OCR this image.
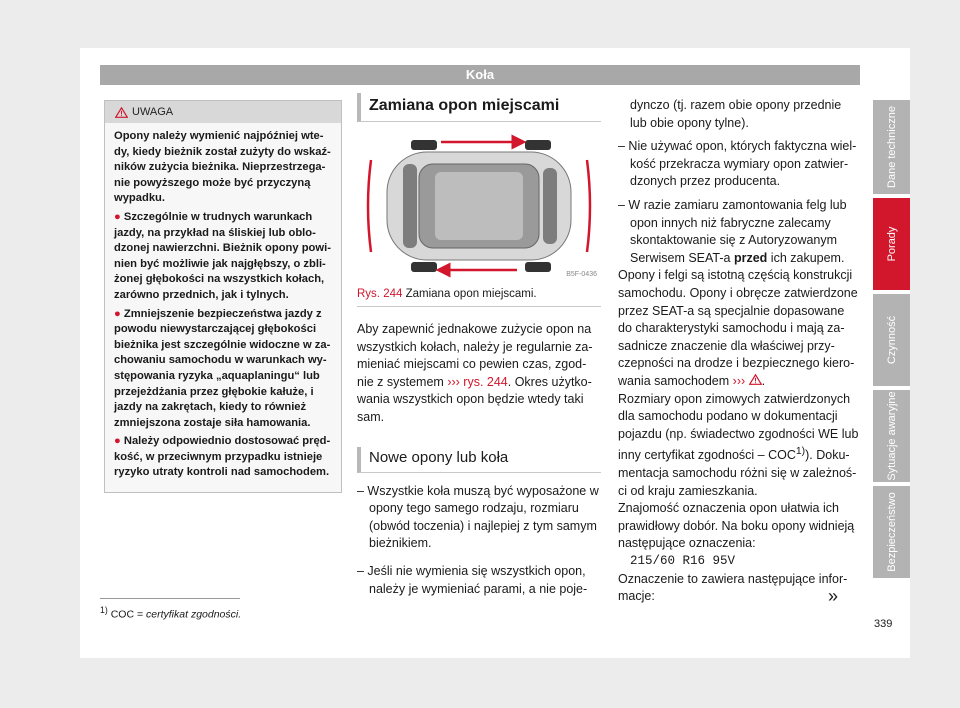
Koła
UWAGA

Opony należy wymienić najpóźniej wte-dy, kiedy bieżnik został zużyty do wskaź-ników zużycia bieżnika. Nieprzestrzega-nie powyższego może być przyczyną wypadku.

● Szczególnie w trudnych warunkach jazdy, na przykład na śliskiej lub oblo-dzonej nawierzchni. Bieżnik opony powi-nien być możliwie jak najgłębszy, o zbli-żonej głębokości na wszystkich kołach, zarówno przednich, jak i tylnych.

● Zmniejszenie bezpieczeństwa jazdy z powodu niewystarczającej głębokości bieżnika jest szczególnie widoczne w za-chowaniu samochodu w warunkach wy-stępowania ryzyka „aquaplaningu“ lub przejeżdżania przez głębokie kałuże, i jazdy na zakrętach, kiedy to również zmniejszona zostaje siła hamowania.

● Należy odpowiednio dostosować pręd-kość, w przeciwnym przypadku istnieje ryzyko utraty kontroli nad samochodem.

Zamiana opon miejscami
B5F-0436
Rys. 244 Zamiana opon miejscami.
Aby zapewnić jednakowe zużycie opon na wszystkich kołach, należy je regularnie za-mieniać miejscami co pewien czas, zgod-nie z systemem ››› rys. 244. Okres użytko-wania wszystkich opon będzie wtedy taki sam.
Nowe opony lub koła
– Wszystkie koła muszą być wyposażone w opony tego samego rodzaju, rozmiaru (obwód toczenia) i najlepiej z tym samym bieżnikiem.
– Jeśli nie wymienia się wszystkich opon, należy je wymieniać parami, a nie poje-

dynczo (tj. razem obie opony przednie lub obie opony tylne).

– Nie używać opon, których faktyczna wiel-kość przekracza wymiary opon zatwier-dzonych przez producenta.

– W razie zamiaru zamontowania felg lub opon innych niż fabryczne zalecamy skontaktowanie się z Autoryzowanym Serwisem SEAT-a przed ich zakupem.

Opony i felgi są istotną częścią konstrukcji samochodu. Opony i obręcze zatwierdzone przez SEAT-a są specjalnie dopasowane do charakterystyki samochodu i mają za-sadnicze znaczenie dla właściwej przy-czepności na drodze i bezpiecznego kiero-wania samochodem ››› .

Rozmiary opon zimowych zatwierdzonych dla samochodu podano w dokumentacji pojazdu (np. świadectwo zgodności WE lub inny certyfikat zgodności – COC$^{1)}$). Doku-mentacja samochodu różni się w zależnoś-ci od kraju zamieszkania.

Znajomość oznaczenia opon ułatwia ich prawidłowy dobór. Na boku opony widnieją następujące oznaczenia:

215/60 R16 95V

Oznaczenie to zawiera następujące infor-macje:	»
$^{1)}$ COC = certyfikat zgodności.
339
Dane techniczne
Porady
Czynność
Sytuacje awaryjne
Bezpieczeństwo
